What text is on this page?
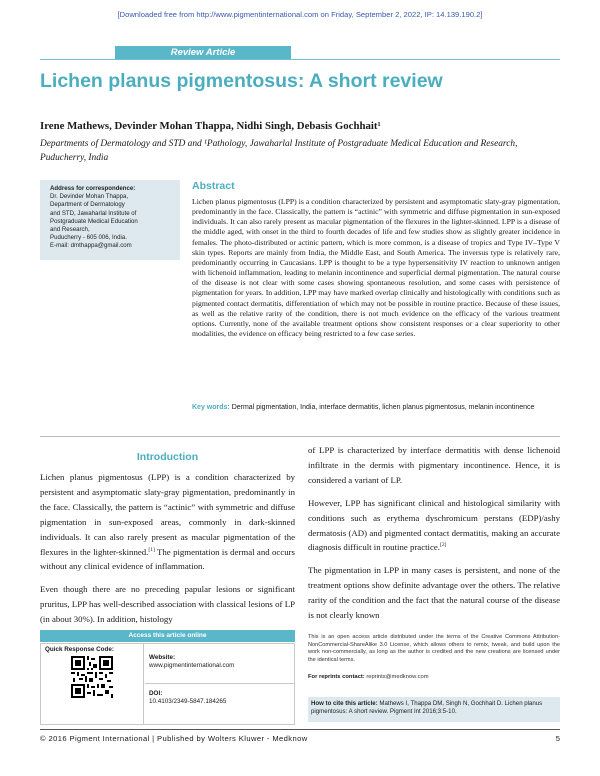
[Downloaded free from http://www.pigmentinternational.com on Friday, September 2, 2022, IP: 14.139.190.2]
Review Article
Lichen planus pigmentosus: A short review
Irene Mathews, Devinder Mohan Thappa, Nidhi Singh, Debasis Gochhait¹
Departments of Dermatology and STD and ¹Pathology, Jawaharlal Institute of Postgraduate Medical Education and Research, Puducherry, India
Address for correspondence:
Dr. Devinder Mohan Thappa,
Department of Dermatology
and STD, Jawaharlal Institute of
Postgraduate Medical Education
and Research,
Puducherry - 605 006, India.
E-mail: dmthappa@gmail.com
Abstract
Lichen planus pigmentosus (LPP) is a condition characterized by persistent and asymptomatic slaty-gray pigmentation, predominantly in the face. Classically, the pattern is “actinic” with symmetric and diffuse pigmentation in sun-exposed individuals. It can also rarely present as macular pigmentation of the flexures in the lighter-skinned. LPP is a disease of the middle aged, with onset in the third to fourth decades of life and few studies show as slightly greater incidence in females. The photo-distributed or actinic pattern, which is more common, is a disease of tropics and Type IV–Type V skin types. Reports are mainly from India, the Middle East, and South America. The inversus type is relatively rare, predominantly occurring in Caucasians. LPP is thought to be a type hypersensitivity IV reaction to unknown antigen with lichenoid inflammation, leading to melanin incontinence and superficial dermal pigmentation. The natural course of the disease is not clear with some cases showing spontaneous resolution, and some cases with persistence of pigmentation for years. In addition, LPP may have marked overlap clinically and histologically with conditions such as pigmented contact dermatitis, differentiation of which may not be possible in routine practice. Because of these issues, as well as the relative rarity of the condition, there is not much evidence on the efficacy of the various treatment options. Currently, none of the available treatment options show consistent responses or a clear superiority to other modalities, the evidence on efficacy being restricted to a few case series.
Key words: Dermal pigmentation, India, interface dermatitis, lichen planus pigmentosus, melanin incontinence
Introduction

Lichen planus pigmentosus (LPP) is a condition characterized by persistent and asymptomatic slaty-gray pigmentation, predominantly in the face. Classically, the pattern is “actinic” with symmetric and diffuse pigmentation in sun-exposed areas, commonly in dark-skinned individuals. It can also rarely present as macular pigmentation of the flexures in the lighter-skinned.[1] The pigmentation is dermal and occurs without any clinical evidence of inflammation.

Even though there are no preceding papular lesions or significant pruritus, LPP has well-described association with classical lesions of LP (in about 30%). In addition, histology

of LPP is characterized by interface dermatitis with dense lichenoid infiltrate in the dermis with pigmentary incontinence. Hence, it is considered a variant of LP.

However, LPP has significant clinical and histological similarity with conditions such as erythema dyschromicum perstans (EDP)/ashy dermatosis (AD) and pigmented contact dermatitis, making an accurate diagnosis difficult in routine practice.[2]

The pigmentation in LPP in many cases is persistent, and none of the treatment options show definite advantage over the others. The relative rarity of the condition and the fact that the natural course of the disease is not clearly known

Access this article online
Quick Response Code:
Website:
www.pigmentinternational.com
DOI:
10.4103/2349-5847.184265
This is an open access article distributed under the terms of the Creative Commons Attribution-NonCommercial-ShareAlike 3.0 License, which allows others to remix, tweak, and build upon the work non-commercially, as long as the author is credited and the new creations are licensed under the identical terms.
For reprints contact: reprints@medknow.com
How to cite this article: Mathews I, Thappa DM, Singh N, Gochhait D. Lichen planus pigmentosus: A short review. Pigment Int 2016;3:5-10.
© 2016 Pigment International | Published by Wolters Kluwer - Medknow	5
